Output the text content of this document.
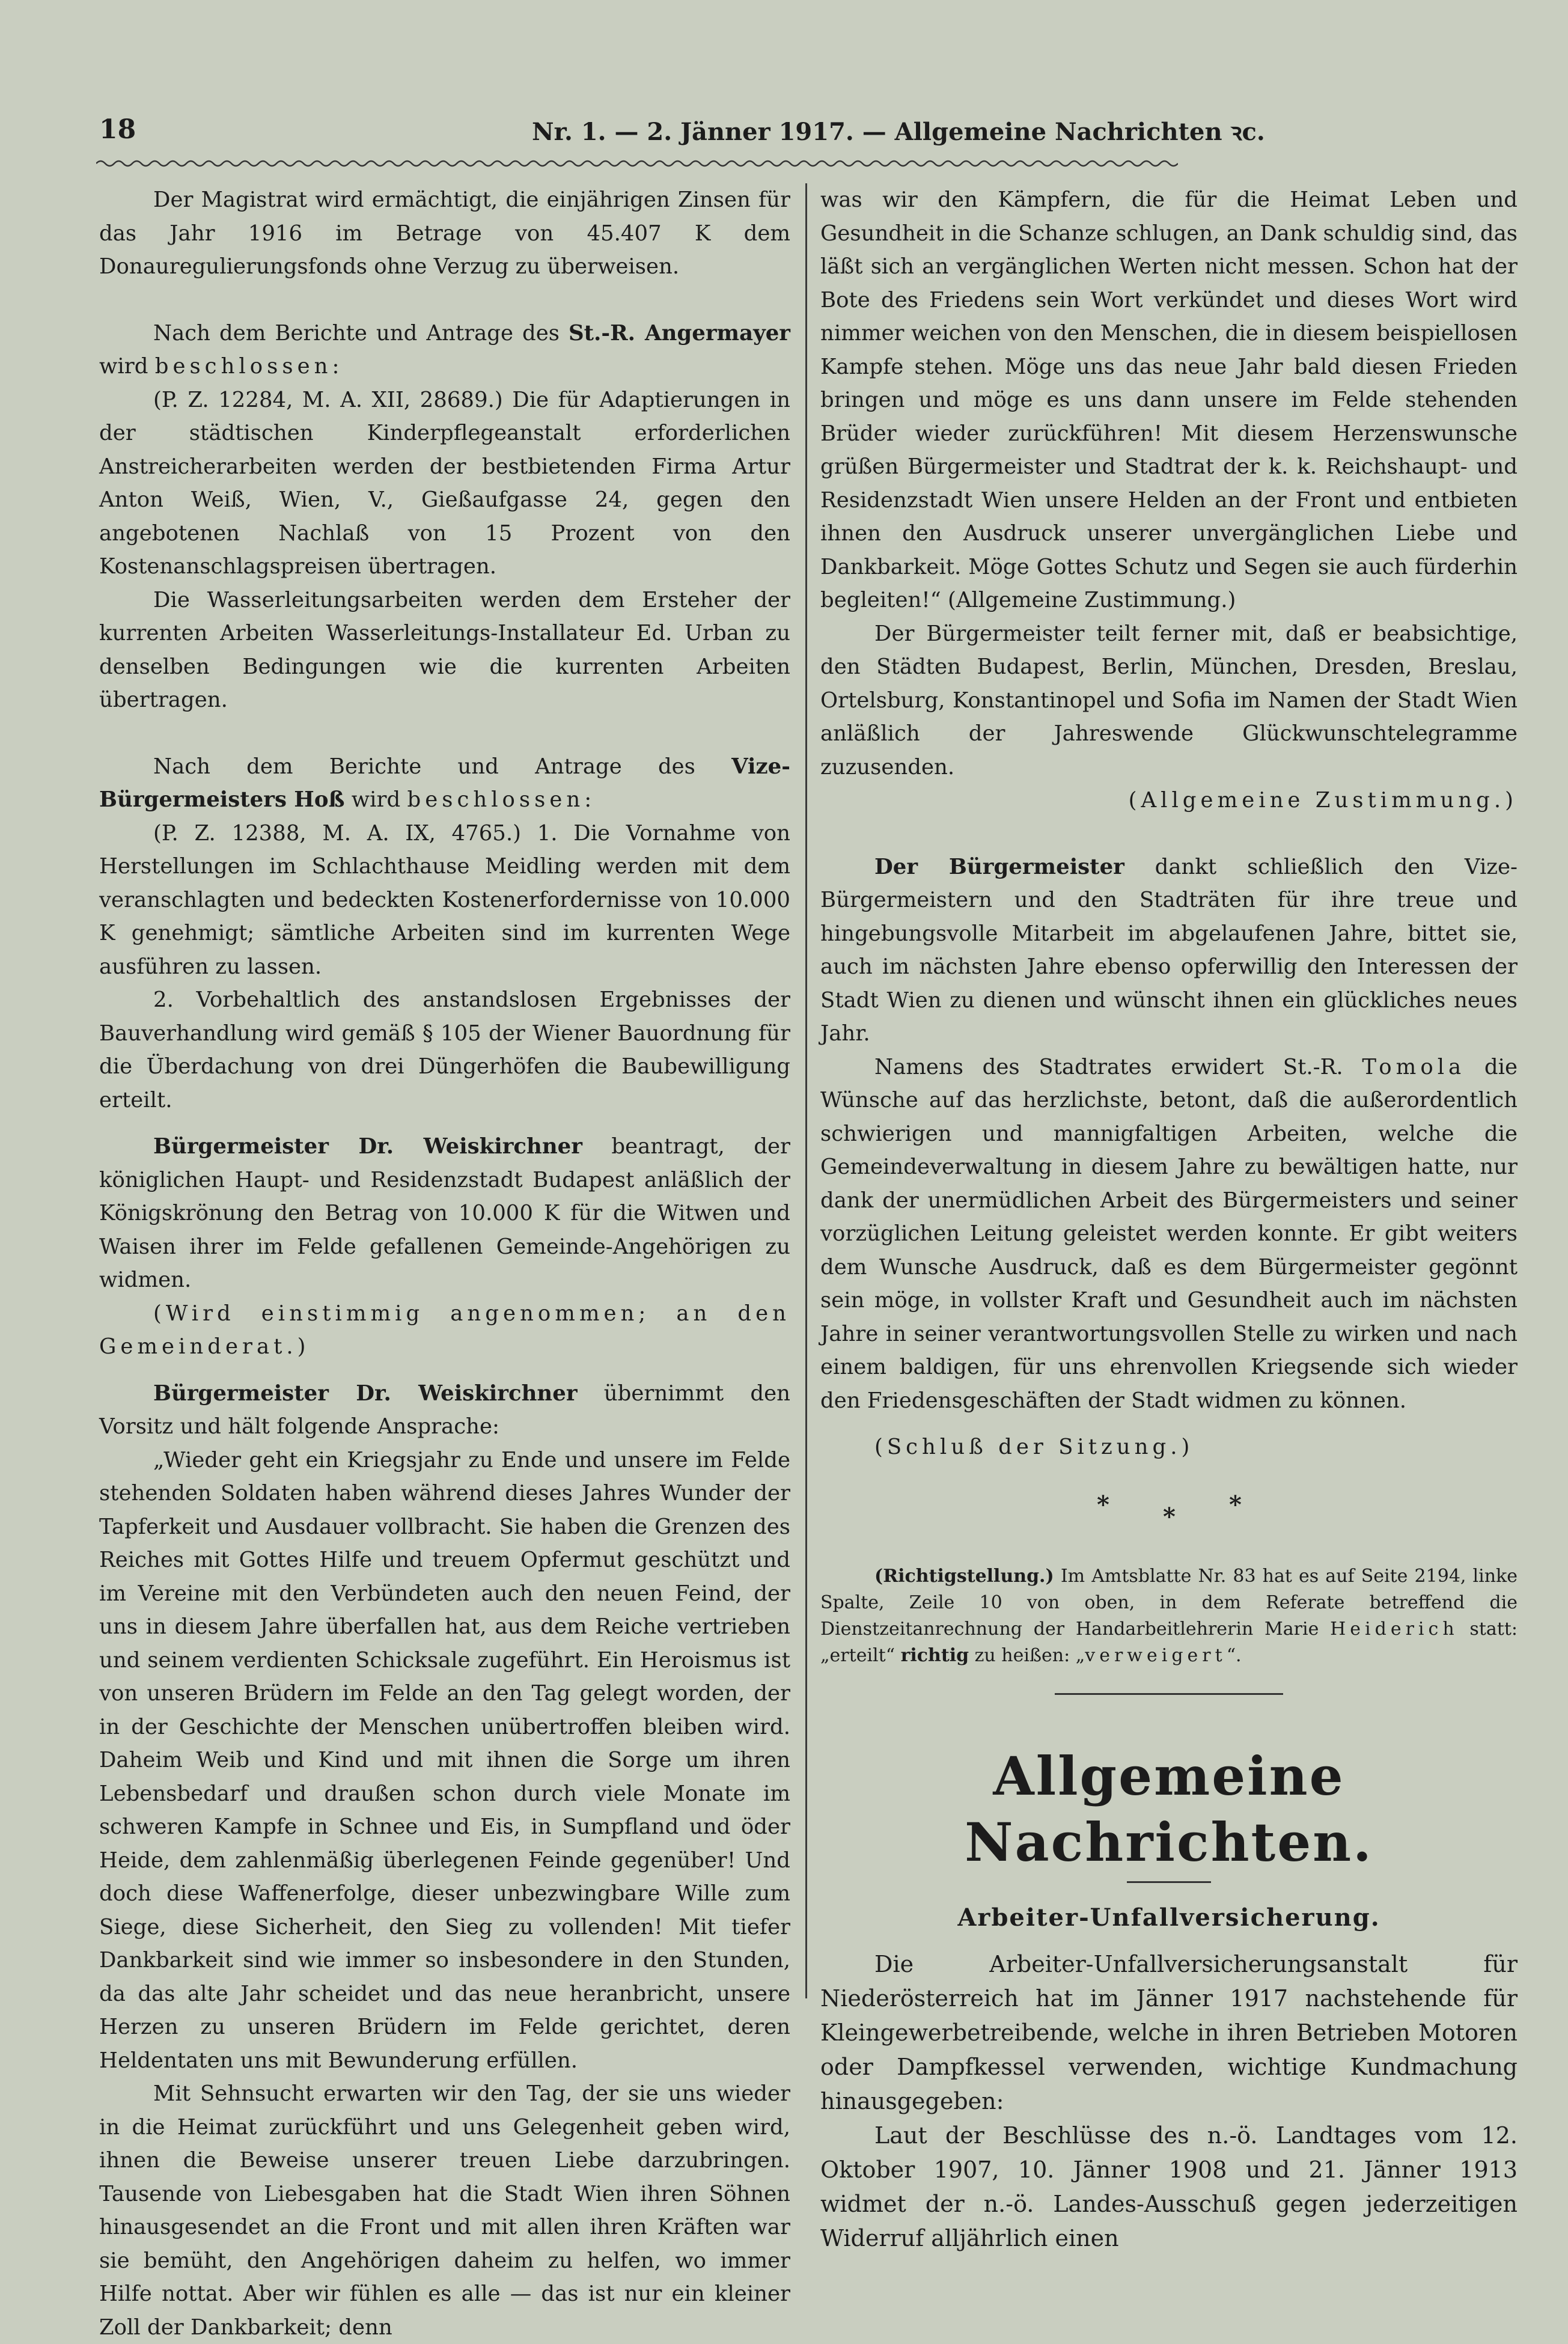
18	Nr. 1. — 2. Jänner 1917. — Allgemeine Nachrichten ꝛc.

Der Magistrat wird ermächtigt, die einjährigen Zinsen für das Jahr 1916 im Betrage von 45.407 K dem Donauregulierungsfonds ohne Verzug zu überweisen.

Nach dem Berichte und Antrage des St.-R. Angermayer wird beschlossen:

(P. Z. 12284, M. A. XII, 28689.) Die für Adaptierungen in der städtischen Kinderpflegeanstalt erforderlichen Anstreicherarbeiten werden der bestbietenden Firma Artur Anton Weiß, Wien, V., Gießaufgasse 24, gegen den angebotenen Nachlaß von 15 Prozent von den Kostenanschlagspreisen übertragen.

Die Wasserleitungsarbeiten werden dem Ersteher der kurrenten Arbeiten Wasserleitungs-Installateur Ed. Urban zu denselben Bedingungen wie die kurrenten Arbeiten übertragen.

Nach dem Berichte und Antrage des Vize-Bürgermeisters Hoß wird beschlossen:

(P. Z. 12388, M. A. IX, 4765.) 1. Die Vornahme von Herstellungen im Schlachthause Meidling werden mit dem veranschlagten und bedeckten Kostenerfordernisse von 10.000 K genehmigt; sämtliche Arbeiten sind im kurrenten Wege ausführen zu lassen.

2. Vorbehaltlich des anstandslosen Ergebnisses der Bauverhandlung wird gemäß § 105 der Wiener Bauordnung für die Überdachung von drei Düngerhöfen die Baubewilligung erteilt.

Bürgermeister Dr. Weiskirchner beantragt, der königlichen Haupt- und Residenzstadt Budapest anläßlich der Königskrönung den Betrag von 10.000 K für die Witwen und Waisen ihrer im Felde gefallenen Gemeinde-Angehörigen zu widmen.

(Wird einstimmig angenommen; an den Gemeinderat.)

Bürgermeister Dr. Weiskirchner übernimmt den Vorsitz und hält folgende Ansprache:

„Wieder geht ein Kriegsjahr zu Ende und unsere im Felde stehenden Soldaten haben während dieses Jahres Wunder der Tapferkeit und Ausdauer vollbracht. Sie haben die Grenzen des Reiches mit Gottes Hilfe und treuem Opfermut geschützt und im Vereine mit den Verbündeten auch den neuen Feind, der uns in diesem Jahre überfallen hat, aus dem Reiche vertrieben und seinem verdienten Schicksale zugeführt. Ein Heroismus ist von unseren Brüdern im Felde an den Tag gelegt worden, der in der Geschichte der Menschen unübertroffen bleiben wird. Daheim Weib und Kind und mit ihnen die Sorge um ihren Lebensbedarf und draußen schon durch viele Monate im schweren Kampfe in Schnee und Eis, in Sumpfland und öder Heide, dem zahlenmäßig überlegenen Feinde gegenüber! Und doch diese Waffenerfolge, dieser unbezwingbare Wille zum Siege, diese Sicherheit, den Sieg zu vollenden! Mit tiefer Dankbarkeit sind wie immer so insbesondere in den Stunden, da das alte Jahr scheidet und das neue heranbricht, unsere Herzen zu unseren Brüdern im Felde gerichtet, deren Heldentaten uns mit Bewunderung erfüllen.

Mit Sehnsucht erwarten wir den Tag, der sie uns wieder in die Heimat zurückführt und uns Gelegenheit geben wird, ihnen die Beweise unserer treuen Liebe darzubringen. Tausende von Liebesgaben hat die Stadt Wien ihren Söhnen hinausgesendet an die Front und mit allen ihren Kräften war sie bemüht, den Angehörigen daheim zu helfen, wo immer Hilfe nottat. Aber wir fühlen es alle — das ist nur ein kleiner Zoll der Dankbarkeit; denn

was wir den Kämpfern, die für die Heimat Leben und Gesundheit in die Schanze schlugen, an Dank schuldig sind, das läßt sich an vergänglichen Werten nicht messen. Schon hat der Bote des Friedens sein Wort verkündet und dieses Wort wird nimmer weichen von den Menschen, die in diesem beispiellosen Kampfe stehen. Möge uns das neue Jahr bald diesen Frieden bringen und möge es uns dann unsere im Felde stehenden Brüder wieder zurückführen! Mit diesem Herzenswunsche grüßen Bürgermeister und Stadtrat der k. k. Reichshaupt- und Residenzstadt Wien unsere Helden an der Front und entbieten ihnen den Ausdruck unserer unvergänglichen Liebe und Dankbarkeit. Möge Gottes Schutz und Segen sie auch fürderhin begleiten!“ (Allgemeine Zustimmung.)

Der Bürgermeister teilt ferner mit, daß er beabsichtige, den Städten Budapest, Berlin, München, Dresden, Breslau, Ortelsburg, Konstantinopel und Sofia im Namen der Stadt Wien anläßlich der Jahreswende Glückwunschtelegramme zuzusenden.

(Allgemeine Zustimmung.)

Der Bürgermeister dankt schließlich den Vize-Bürgermeistern und den Stadträten für ihre treue und hingebungsvolle Mitarbeit im abgelaufenen Jahre, bittet sie, auch im nächsten Jahre ebenso opferwillig den Interessen der Stadt Wien zu dienen und wünscht ihnen ein glückliches neues Jahr.

Namens des Stadtrates erwidert St.-R. Tomola die Wünsche auf das herzlichste, betont, daß die außerordentlich schwierigen und mannigfaltigen Arbeiten, welche die Gemeindeverwaltung in diesem Jahre zu bewältigen hatte, nur dank der unermüdlichen Arbeit des Bürgermeisters und seiner vorzüglichen Leitung geleistet werden konnte. Er gibt weiters dem Wunsche Ausdruck, daß es dem Bürgermeister gegönnt sein möge, in vollster Kraft und Gesundheit auch im nächsten Jahre in seiner verantwortungsvollen Stelle zu wirken und nach einem baldigen, für uns ehrenvollen Kriegsende sich wieder den Friedensgeschäften der Stadt widmen zu können.

(Schluß der Sitzung.)

* * *

(Richtigstellung.) Im Amtsblatte Nr. 83 hat es auf Seite 2194, linke Spalte, Zeile 10 von oben, in dem Referate betreffend die Dienstzeitanrechnung der Handarbeitlehrerin Marie Heiderich statt: „erteilt“ richtig zu heißen: „verweigert“.

Allgemeine Nachrichten.

Arbeiter-Unfallversicherung.

Die Arbeiter-Unfallversicherungsanstalt für Niederösterreich hat im Jänner 1917 nachstehende für Kleingewerbetreibende, welche in ihren Betrieben Motoren oder Dampfkessel verwenden, wichtige Kundmachung hinausgegeben:

Laut der Beschlüsse des n.-ö. Landtages vom 12. Oktober 1907, 10. Jänner 1908 und 21. Jänner 1913 widmet der n.-ö. Landes-Ausschuß gegen jederzeitigen Widerruf alljährlich einen
